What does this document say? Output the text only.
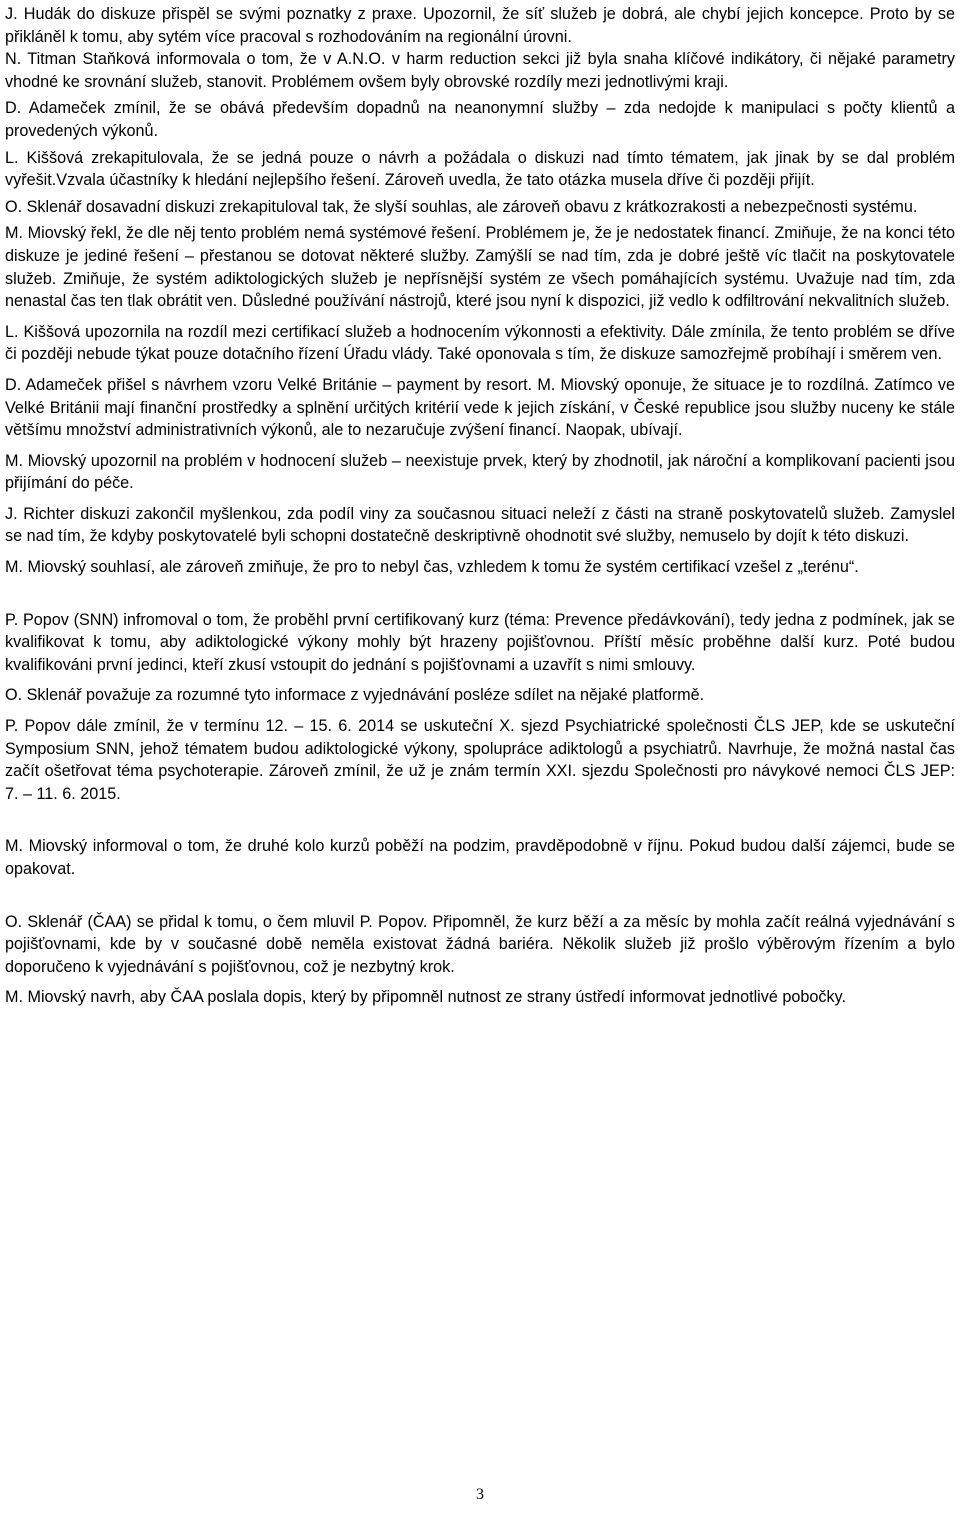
J. Hudák do diskuze přispěl se svými poznatky z praxe. Upozornil, že síť služeb je dobrá, ale chybí jejich koncepce. Proto by se přikláněl k tomu, aby sytém více pracoval s rozhodováním na regionální úrovni.

N. Titman Staňková informovala o tom, že v A.N.O. v harm reduction sekci již byla snaha klíčové indikátory, či nějaké parametry vhodné ke srovnání služeb, stanovit. Problémem ovšem byly obrovské rozdíly mezi jednotlivými kraji.

D. Adameček zmínil, že se obává především dopadnů na neanonymní služby – zda nedojde k manipulaci s počty klientů a provedených výkonů.

L. Kiššová zrekapitulovala, že se jedná pouze o návrh a požádala o diskuzi nad tímto tématem, jak jinak by se dal problém vyřešit.Vzvala účastníky k hledání nejlepšího řešení. Zároveň uvedla, že tato otázka musela dříve či později přijít.

O. Sklenář dosavadní diskuzi zrekapituloval tak, že slyší souhlas, ale zároveň obavu z krátkozrakosti a nebezpečnosti systému.

M. Miovský řekl, že dle něj tento problém nemá systémové řešení. Problémem je, že je nedostatek financí. Zmiňuje, že na konci této diskuze je jediné řešení – přestanou se dotovat některé služby. Zamýšlí se nad tím, zda je dobré ještě víc tlačit na poskytovatele služeb. Zmiňuje, že systém adiktologických služeb je nepřísnější systém ze všech pomáhajících systému. Uvažuje nad tím, zda nenastal čas ten tlak obrátit ven. Důsledné používání nástrojů, které jsou nyní k dispozici, již vedlo k odfiltrování nekvalitních služeb.

L. Kiššová upozornila na rozdíl mezi certifikací služeb a hodnocením výkonnosti a efektivity. Dále zmínila, že tento problém se dříve či později nebude týkat pouze dotačního řízení Úřadu vlády. Také oponovala s tím, že diskuze samozřejmě probíhají i směrem ven.

D. Adameček přišel s návrhem vzoru Velké Británie – payment by resort. M. Miovský oponuje, že situace je to rozdílná. Zatímco ve Velké Británii mají finanční prostředky a splnění určitých kritérií vede k jejich získání, v České republice jsou služby nuceny ke stále většímu množství administrativních výkonů, ale to nezaručuje zvýšení financí. Naopak, ubívají.

M. Miovský upozornil na problém v hodnocení služeb – neexistuje prvek, který by zhodnotil, jak nároční a komplikovaní pacienti jsou přijímání do péče.

J. Richter diskuzi zakončil myšlenkou, zda podíl viny za současnou situaci neleží z části na straně poskytovatelů služeb. Zamyslel se nad tím, že kdyby poskytovatelé byli schopni dostatečně deskriptivně ohodnotit své služby, nemuselo by dojít k této diskuzi.

M. Miovský souhlasí, ale zároveň zmiňuje, že pro to nebyl čas, vzhledem k tomu že systém certifikací vzešel z „terénu“.

P. Popov (SNN) infromoval o tom, že proběhl první certifikovaný kurz (téma: Prevence předávkování), tedy jedna z podmínek, jak se kvalifikovat k tomu, aby adiktologické výkony mohly být hrazeny pojišťovnou. Příští měsíc proběhne další kurz. Poté budou kvalifikováni první jedinci, kteří zkusí vstoupit do jednání s pojišťovnami a uzavřít s nimi smlouvy.

O. Sklenář považuje za rozumné tyto informace z vyjednávání posléze sdílet na nějaké platformě.

P. Popov dále zmínil, že v termínu 12. – 15. 6. 2014 se uskuteční X. sjezd Psychiatrické společnosti ČLS JEP, kde se uskuteční Symposium SNN, jehož tématem budou adiktologické výkony, spolupráce adiktologů a psychiatrů. Navrhuje, že možná nastal čas začít ošetřovat téma psychoterapie. Zároveň zmínil, že už je znám termín XXI. sjezdu Společnosti pro návykové nemoci ČLS JEP: 7. – 11. 6. 2015.

M. Miovský informoval o tom, že druhé kolo kurzů poběží na podzim, pravděpodobně v říjnu. Pokud budou další zájemci, bude se opakovat.

O. Sklenář (ČAA) se přidal k tomu, o čem mluvil P. Popov. Připomněl, že kurz běží a za měsíc by mohla začít reálná vyjednávání s pojišťovnami, kde by v současné době neměla existovat žádná bariéra. Několik služeb již prošlo výběrovým řízením a bylo doporučeno k vyjednávání s pojišťovnou, což je nezbytný krok.

M. Miovský navrh, aby ČAA poslala dopis, který by připomněl nutnost ze strany ústředí informovat jednotlivé pobočky.

3
